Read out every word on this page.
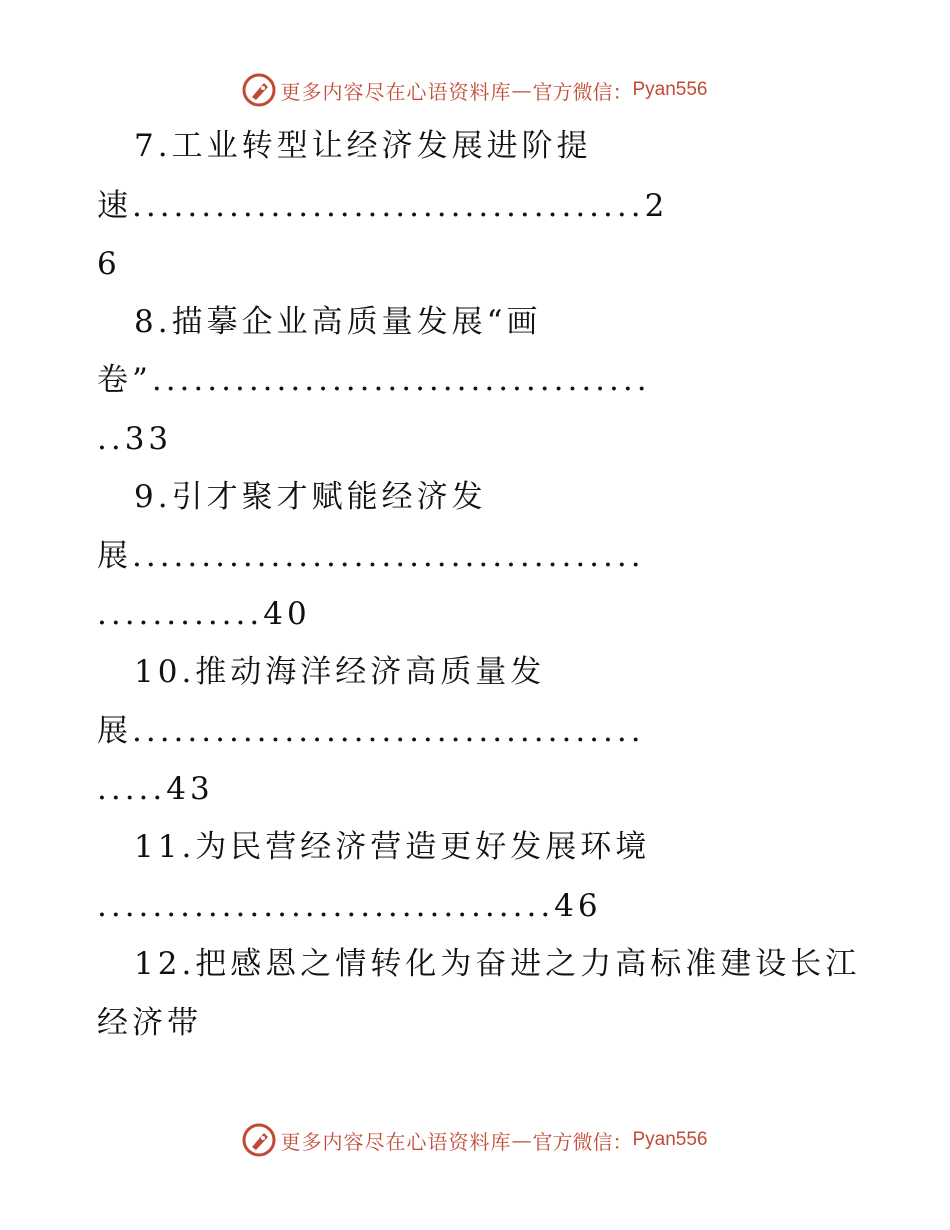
更多内容尽在心语资料库 — 官方微信： Pyan556
7.工业转型让经济发展进阶提
速.....................................2
6
8.描摹企业高质量发展“画
卷”....................................
..33
9.引才聚才赋能经济发
展.....................................
............40
10.推动海洋经济高质量发
展.....................................
.....43
11.为民营经济营造更好发展环境
.................................46
12.把感恩之情转化为奋进之力高标准建设长江
经济带
更多内容尽在心语资料库 — 官方微信： Pyan556
